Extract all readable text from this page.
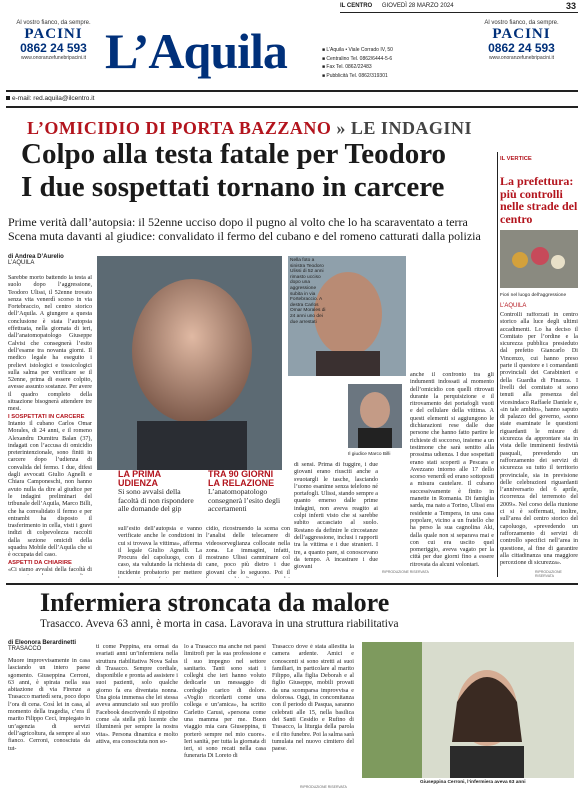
IL CENTRO GIOVEDÌ 28 MARZO 2024	33
Al vostro fianco, da sempre.
PACINI
0862 24 593
www.onoranzefunebripacini.it L’Aquila	■ L’Aquila • Viale Corrado IV, 50
■ Centralino Tel. 0862/6444-5-6
■ Fax Tel. 0862/22483
■ Pubblicità Tel. 0862/319301
Al vostro fianco, da sempre.
PACINI
0862 24 593
www.onoranzefunebripacini.it
e-mail: red.aquila@ilcentro.it
L’OMICIDIO DI PORTA BAZZANO » LE INDAGINI
Colpo alla testa fatale per Teodoro
I due sospettati tornano in carcere
Prime verità dall’autopsia: il 52enne ucciso dopo il pugno al volto che lo ha scaraventato a terra
Scena muta davanti al giudice: convalidato il fermo del cubano e del romeno catturati dalla polizia
di Andrea D’Aurelio
L’AQUILA
Sarebbe morto battendo la testa al suolo dopo l’aggressione, Teodoro Ulissi, il 52enne trovato senza vita venerdì scorso in via Fortebraccio, nel centro storico dell’Aquila. A giungere a questa conclusione è stata l’autopsia effettuata, nella giornata di ieri, dall’anatomopatologo Giuseppe Calvisi che consegnerà l’esito dell’esame tra novanta giorni. Il medico legale ha eseguito i prelievi istologici e tossicologici sulla salma per verificare se il 52enne, prima di essere colpito, avesse assunto sostanze. Per avere il quadro completo della situazione bisognerà attendere tre mesi.
I SOSPETTATI IN CARCERE
Intanto il cubano Carlos Omar Morales, di 24 anni, e il romeno Alexandru Dumitru Balan (37), indagati con l’accusa di omicidio preterintenzionale, sono finiti in carcere dopo l’udienza di convalida del fermo. I due, difesi dagli avvocati Giulio Agnelli e Chiara Camponeschi, non hanno avuto nulla da dire al giudice per le indagini preliminari del tribunale dell’Aquila, Marco Billi, che ha convalidato il fermo e per entrambi ha disposto il trasferimento in cella, visti i gravi indizi di colpevolezza raccolti dalla sezione omicidi della squadra Mobile dell’Aquila che si è occupata del caso.
ASPETTI DA CHIARIRE
«Ci siamo avvalsi della facoltà di
Nella foto a sinistra Teodoro Ulissi di 52 anni rimasto ucciso dopo una aggressione subita in via Fortebraccio. A destra Carlos Omar Morales di 24 anni uno dei due arrestati
Il giudice Marco Billi
LA PRIMA
UDIENZA
Si sono avvalsi della facoltà di non rispondere alle domande del gip
TRA 90 GIORNI
LA RELAZIONE
L’anatomopatologo consegnerà l’esito degli accertamenti
sull’esito dell’autopsia e vanno verificate anche le condizioni in cui si trovava la vittima», afferma il legale Giulio Agnelli. La Procura del capoluogo, con il caso, sta valutando la richiesta di incidente probatorio per mettere
cidio, ricostruendo la scena con l’analisi delle telecamere di videosorveglianza collocate nella zona. Le immagini, infatti, mostrano Ulissi camminare col cane, poco più dietro i due giovani che lo seguono. Poi il
di sensi. Prima di fuggire, i due giovani erano riusciti anche a svuotargli le tasche, lasciando l’uomo esanime senza telefono né portafogli. Ulissi, stando sempre a quanto emerso dalle prime indagini, non aveva reagito ai colpi inferti visto che si sarebbe subito accasciato al suolo. Restano da definire le circostanze dell’aggressione, inclusi i rapporti tra la vittima e i due stranieri. I tre, a quanto pare, si conoscevano da tempo. A incastrare i due giovani
anche il confronto tra gli indumenti indossati al momento dell’omicidio con quelli ritrovati durante la perquisizione e il ritrovamento dei portafogli vuoti e del cellulare della vittima. A questi elementi si aggiungono le dichiarazioni rese dalle due persone che hanno fatto partire le richieste di soccorso, insieme a un testimone che sarà sentito alla prossima udienza. I due sospettati erano stati scoperti a Pescara e Avezzano intorno alle 17 dello scorso venerdì ed erano sottoposti a misura cautelare. Il cubano successivamente è finito in manette in Romania. Di famiglia sarda, ma nato a Torino, Ulissi era residente a Tempera, in una casa popolare, vicino a un fratello che ha perso la sua cagnolina Aki, dalla quale non si separava mai e con cui era uscito quel pomeriggio, aveva vagato per la città per due giorni fino a essere ritrovata da alcuni volontari.
RIPRODUZIONE RISERVATA
IL VERTICE
La prefettura: più controlli nelle strade del centro
Fiori nel luogo dell’aggressione
L’AQUILA
Controlli rafforzati in centro storico alla luce degli ultimi accadimenti. Lo ha deciso il Comitato per l’ordine e la sicurezza pubblica presieduto dal prefetto Giancarlo Di Vincenzo, cui hanno preso parte il questore e i comandanti provinciali dei Carabinieri e della Guardia di Finanza. I livelli del comitato si sono tenuti alla presenza del vicesindaco Raffaele Daniele e, «in tale ambito», hanno saputo di palazzo del governo, «sono state esaminate le questioni riguardanti le misure di sicurezza da approntare sia in vista delle imminenti festività pasquali, prevedendo un rafforzamento dei servizi di sicurezza su tutto il territorio provinciale, sia in previsione delle celebrazioni riguardanti l’anniversario del 6 aprile, ricorrenza del terremoto del 2009». Nel corso della riunione ci si è soffermati, inoltre, sull’area del centro storico del capoluogo, «prevedendo un rafforzamento di servizi di controllo specifici nell’area in questione, al fine di garantire alla cittadinanza una maggiore percezione di sicurezza».
RIPRODUZIONE RISERVATA
Infermiera stroncata da malore
Trasacco. Aveva 63 anni, è morta in casa. Lavorava in una struttura riabilitativa
di Eleonora Berardinetti
TRASACCO
Muore improvvisamente in casa lasciando un intero paese sgomento. Giuseppina Cerroni, 63 anni, è spirata nella sua abitazione di via Firenze a Trasacco martedì sera, poco dopo l’ora di cena. Così lei in casa, al momento della tragedia, c’era il marito Filippo Ceci, impiegato in un’agenzia di servizi dell’agricoltura, da sempre al suo fianco. Cerroni, conosciuta da tut-
ti come Peppina, era ormai da svariati anni un’infermiera nella struttura riabilitativa Nova Salus di Trasacco. Sempre cordiale, disponibile e pronta ad assistere i suoi pazienti, solo qualche giorno fa era diventata nonna. Una gioia immensa che lei stessa aveva annunciato sul suo profilo Facebook descrivendo il nipotino come «la stella più lucente che illuminerà per sempre la nostra vita». Persona dinamica e molto attiva, era conosciuta non so-
lo a Trasacco ma anche nei paesi limitrofi per la sua professione e il suo impegno nel settore sanitario. Tanti sono stati i colleghi che ieri hanno voluto dedicarle un messaggio di cordoglio carico di dolore. «Voglio ricordarti come una collega e un’amica», ha scritto Carletto Carusi, «persona come una mamma per me. Buon viaggio mia cara Giuseppina, ti porterò sempre nel mio cuore». Ieri sanità, per tutta la giornata di ieri, si sono recati nella casa funeraria Di Loreto di
Trasacco dove è stata allestita la camera ardente. Amici e conoscenti si sono stretti ai suoi familiari, in particolare al marito Filippo, alla figlia Deborah e al figlio Giuseppe, mobili provati da una scomparsa improvvisa e dolorosa. Oggi, in concomitanza con il periodo di Pasqua, saranno celebrati alle 15, nella basilica dei Santi Cesidio e Rufino di Trasacco, la liturgia della parola e il rito funebre. Poi la salma sarà tumulata nel nuovo cimitero del paese.
RIPRODUZIONE RISERVATA
Giuseppina Cerroni, l’infermiera aveva 63 anni
